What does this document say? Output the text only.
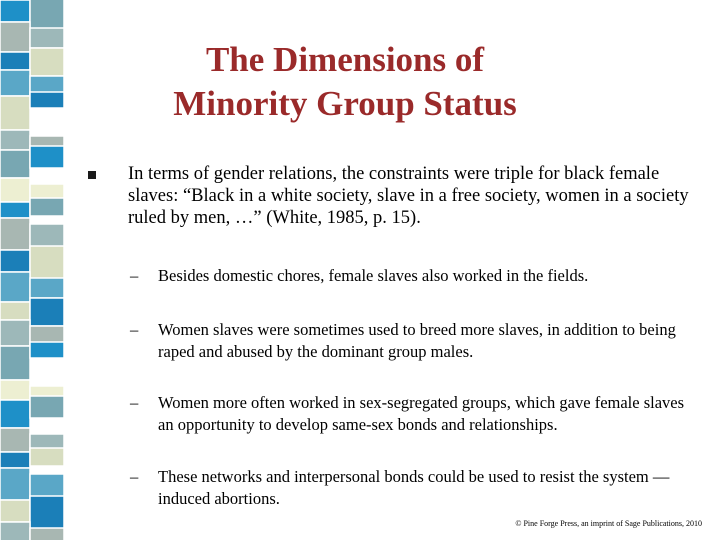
The Dimensions of
Minority Group Status
In terms of gender relations, the constraints were triple for black female slaves: “Black in a white society, slave in a free society, women in a society ruled by men, …” (White, 1985, p. 15).
– Besides domestic chores, female slaves also worked in the fields.
– Women slaves were sometimes used to breed more slaves, in addition to being raped and abused by the dominant group males.
– Women more often worked in sex-segregated groups, which gave female slaves an opportunity to develop same-sex bonds and relationships.
– These networks and interpersonal bonds could be used to resist the system —induced abortions.
© Pine Forge Press, an imprint of Sage Publications, 2010
